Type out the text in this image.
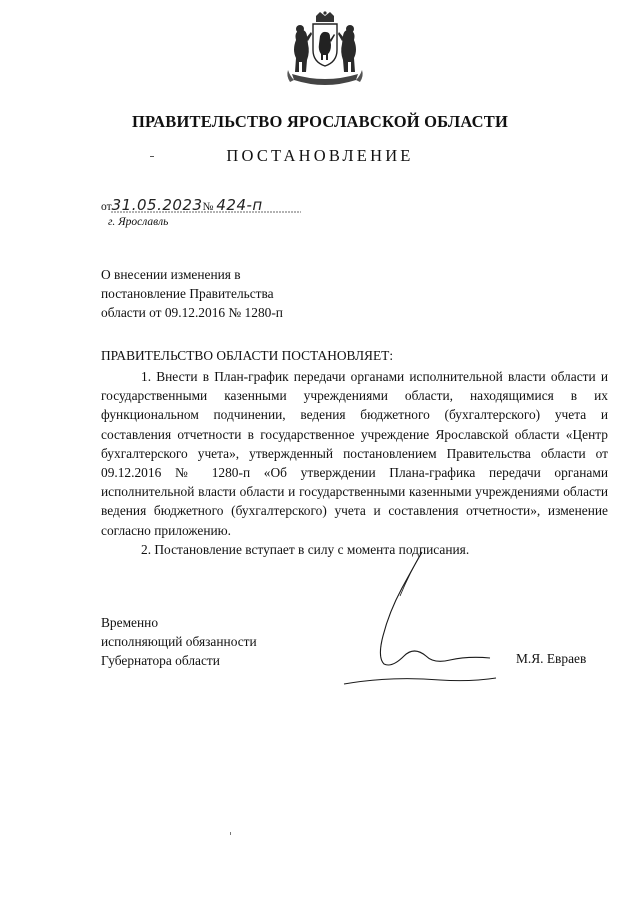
ПРАВИТЕЛЬСТВО ЯРОСЛАВСКОЙ ОБЛАСТИ
ПОСТАНОВЛЕНИЕ
от31.05.2023№ 424-п
г. Ярославль
О внесении изменения в
постановление Правительства
области от 09.12.2016 № 1280-п
ПРАВИТЕЛЬСТВО ОБЛАСТИ ПОСТАНОВЛЯЕТ:

1. Внести в План-график передачи органами исполнительной власти области и государственными казенными учреждениями области, находящимися в их функциональном подчинении, ведения бюджетного (бухгалтерского) учета и составления отчетности в государственное учреждение Ярославской области «Центр бухгалтерского учета», утвержденный постановлением Правительства области от 09.12.2016 № 1280-п «Об утверждении Плана-графика передачи органами исполнительной власти области и государственными казенными учреждениями области ведения бюджетного (бухгалтерского) учета и составления отчетности», изменение согласно приложению.

2. Постановление вступает в силу с момента подписания.

Временно
исполняющий обязанности
Губернатора области	М.Я. Евраев
